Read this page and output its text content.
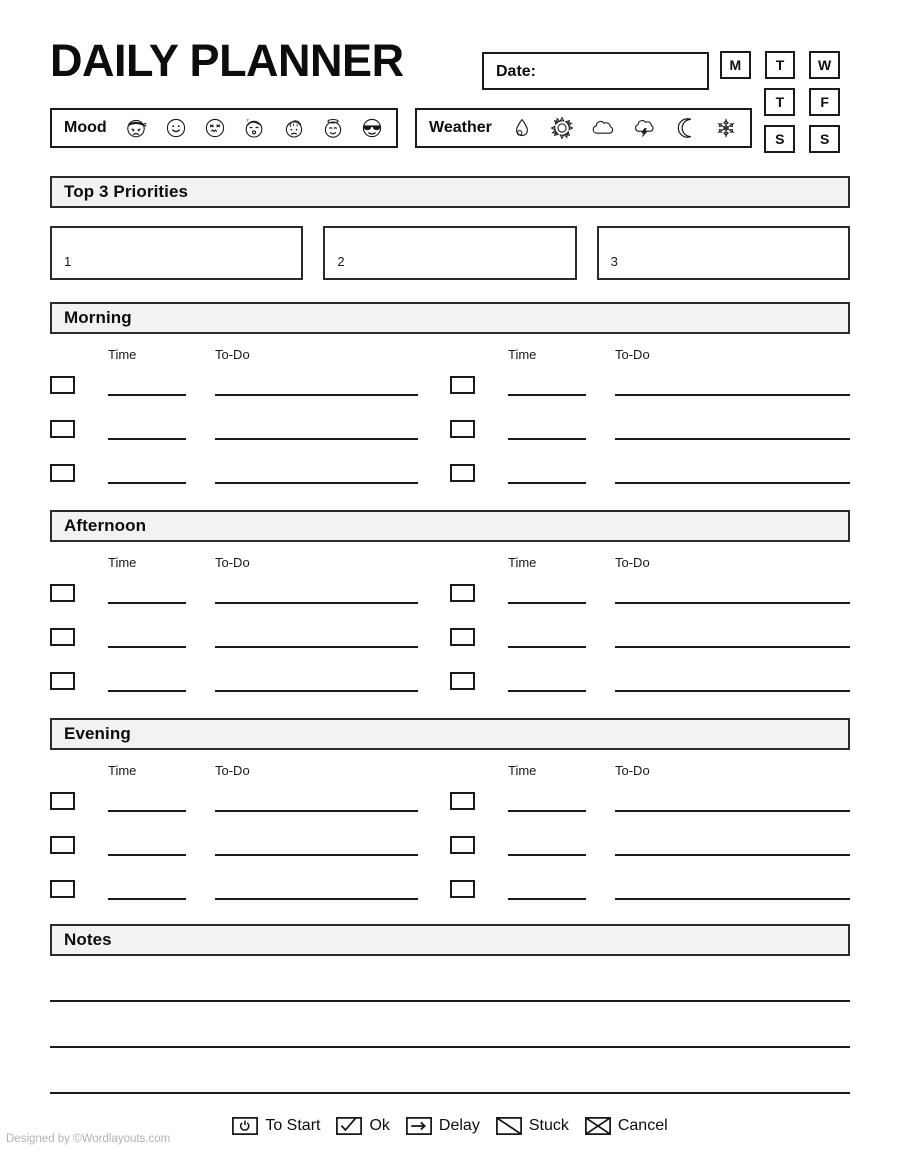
DAILY PLANNER	Date:	M	T	W
T	F
S	S
Mood	z	Weather
Top 3 Priorities
1	2	3
Morning
Time	To-Do	Time	To-Do
Afternoon
Time	To-Do	Time	To-Do
Evening
Time	To-Do	Time	To-Do
Notes
To Start	Ok	Delay	Stuck	Cancel
Designed by ©Wordlayouts.com
